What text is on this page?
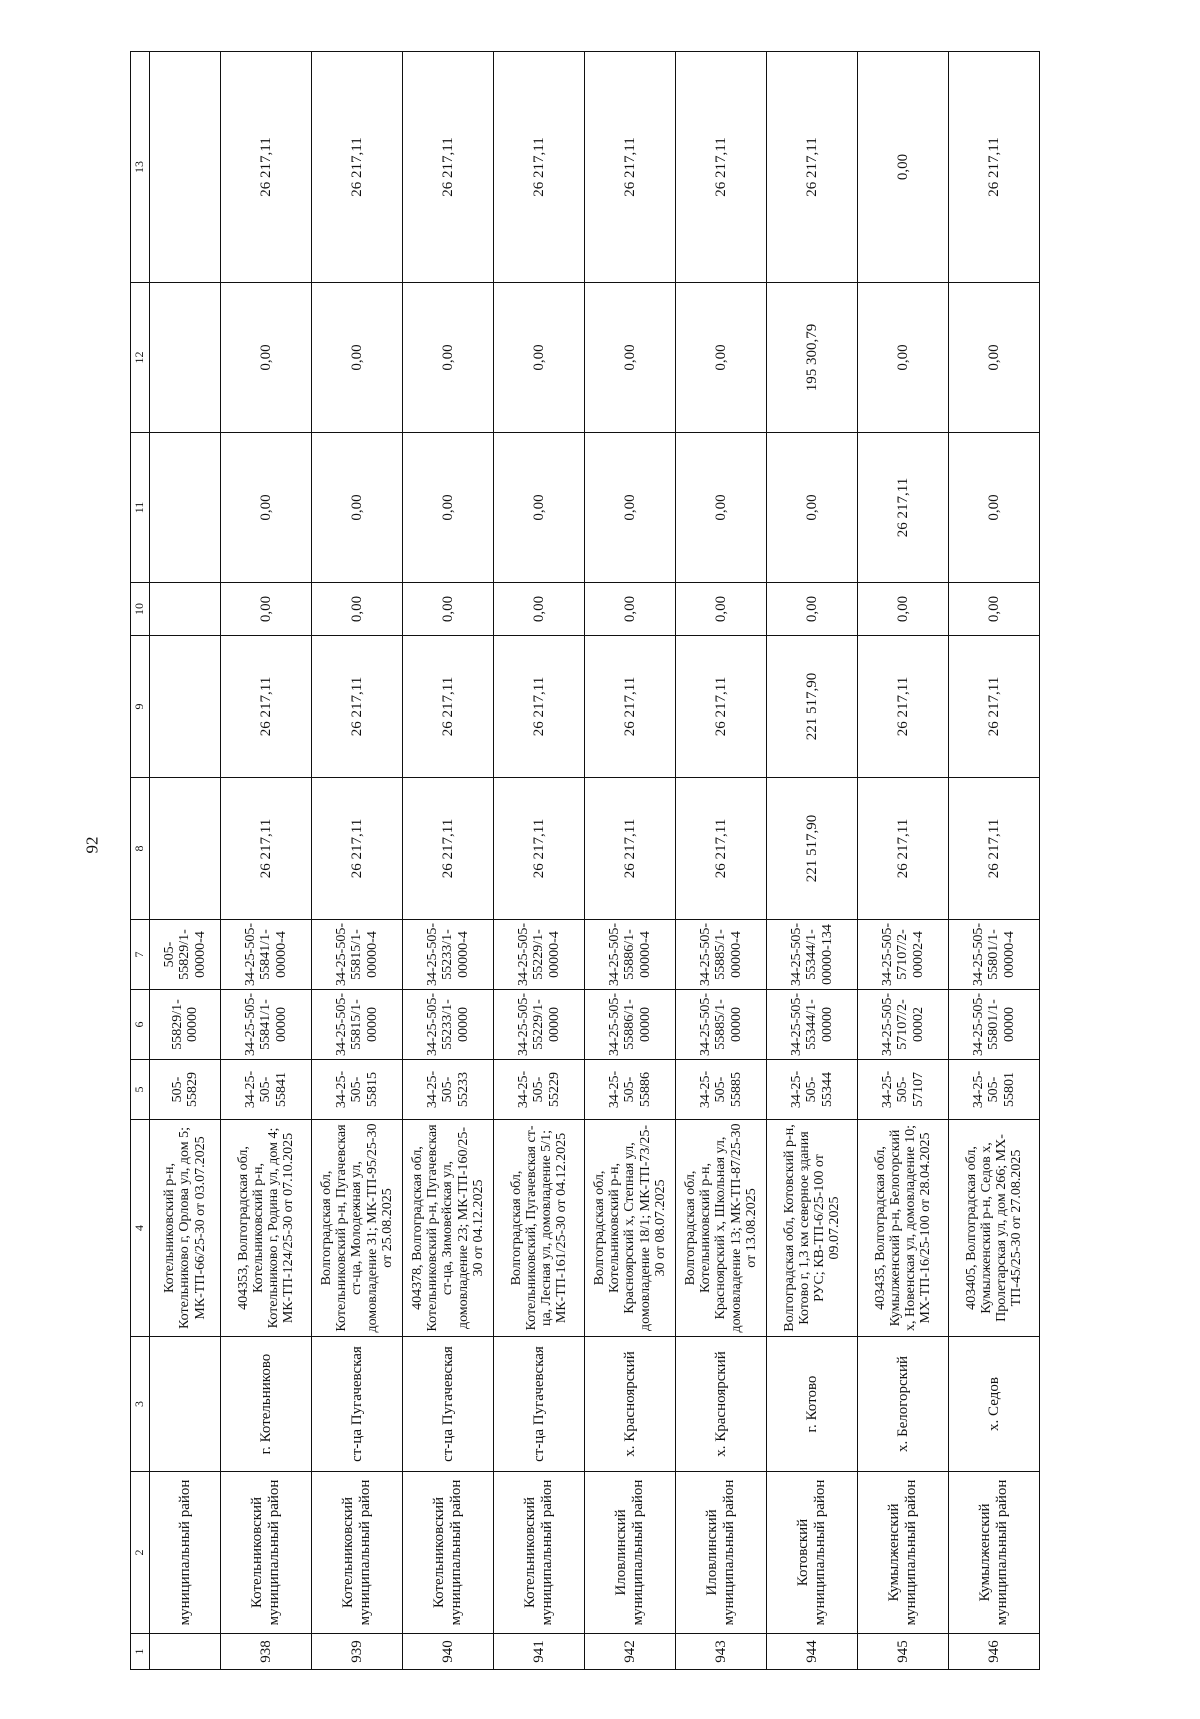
92
1	2	3	4	5	6	7	8	9	10	11	12	13
	муниципальный район		Котельниковский р-н, Котельниково г, Орлова ул, дом 5; МК-ТП-66/25-30 от 03.07.2025	505-55829	55829/1-00000	505-55829/1-00000-4						
938	Котельниковский муниципальный район	г. Котельниково	404353, Волгоградская обл, Котельниковский р-н, Котельниково г, Родина ул, дом 4; МК-ТП-124/25-30 от 07.10.2025	34-25-505-55841	34-25-505-55841/1-00000	34-25-505-55841/1-00000-4	26 217,11	26 217,11	0,00	0,00	0,00	26 217,11
939	Котельниковский муниципальный район	ст-ца Пугачевская	Волгоградская обл, Котельниковский р-н, Пугачевская ст-ца, Молодежная ул, домовладение 31; МК-ТП-95/25-30 от 25.08.2025	34-25-505-55815	34-25-505-55815/1-00000	34-25-505-55815/1-00000-4	26 217,11	26 217,11	0,00	0,00	0,00	26 217,11
940	Котельниковский муниципальный район	ст-ца Пугачевская	404378, Волгоградская обл, Котельниковский р-н, Пугачевская ст-ца, Зимовейская ул, домовладение 23; МК-ТП-160/25-30 от 04.12.2025	34-25-505-55233	34-25-505-55233/1-00000	34-25-505-55233/1-00000-4	26 217,11	26 217,11	0,00	0,00	0,00	26 217,11
941	Котельниковский муниципальный район	ст-ца Пугачевская	Волгоградская обл, Котельниковский, Пугачевская ст-ца, Лесная ул, домовладение 5/1; МК-ТП-161/25-30 от 04.12.2025	34-25-505-55229	34-25-505-55229/1-00000	34-25-505-55229/1-00000-4	26 217,11	26 217,11	0,00	0,00	0,00	26 217,11
942	Иловлинский муниципальный район	х. Красноярский	Волгоградская обл, Котельниковский р-н, Красноярский х, Степная ул, домовладение 18/1; МК-ТП-73/25-30 от 08.07.2025	34-25-505-55886	34-25-505-55886/1-00000	34-25-505-55886/1-00000-4	26 217,11	26 217,11	0,00	0,00	0,00	26 217,11
943	Иловлинский муниципальный район	х. Красноярский	Волгоградская обл, Котельниковский р-н, Красноярский х, Школьная ул, домовладение 13; МК-ТП-87/25-30 от 13.08.2025	34-25-505-55885	34-25-505-55885/1-00000	34-25-505-55885/1-00000-4	26 217,11	26 217,11	0,00	0,00	0,00	26 217,11
944	Котовский муниципальный район	г. Котово	Волгоградская обл, Котовский р-н, Котово г, 1,3 км северное здания РУС; КВ-ТП-6/25-100 от 09.07.2025	34-25-505-55344	34-25-505-55344/1-00000	34-25-505-55344/1-00000-134	221 517,90	221 517,90	0,00	0,00	195 300,79	26 217,11
945	Кумылженский муниципальный район	х. Белогорский	403435, Волгоградская обл, Кумылженский р-н, Белогорский х, Новенская ул, домовладение 10; МХ-ТП-16/25-100 от 28.04.2025	34-25-505-57107	34-25-505-57107/2-00002	34-25-505-57107/2-00002-4	26 217,11	26 217,11	0,00	26 217,11	0,00	0,00
946	Кумылженский муниципальный район	х. Седов	403405, Волгоградская обл, Кумылженский р-н, Седов х, Пролетарская ул, дом 266; МХ-ТП-45/25-30 от 27.08.2025	34-25-505-55801	34-25-505-55801/1-00000	34-25-505-55801/1-00000-4	26 217,11	26 217,11	0,00	0,00	0,00	26 217,11
